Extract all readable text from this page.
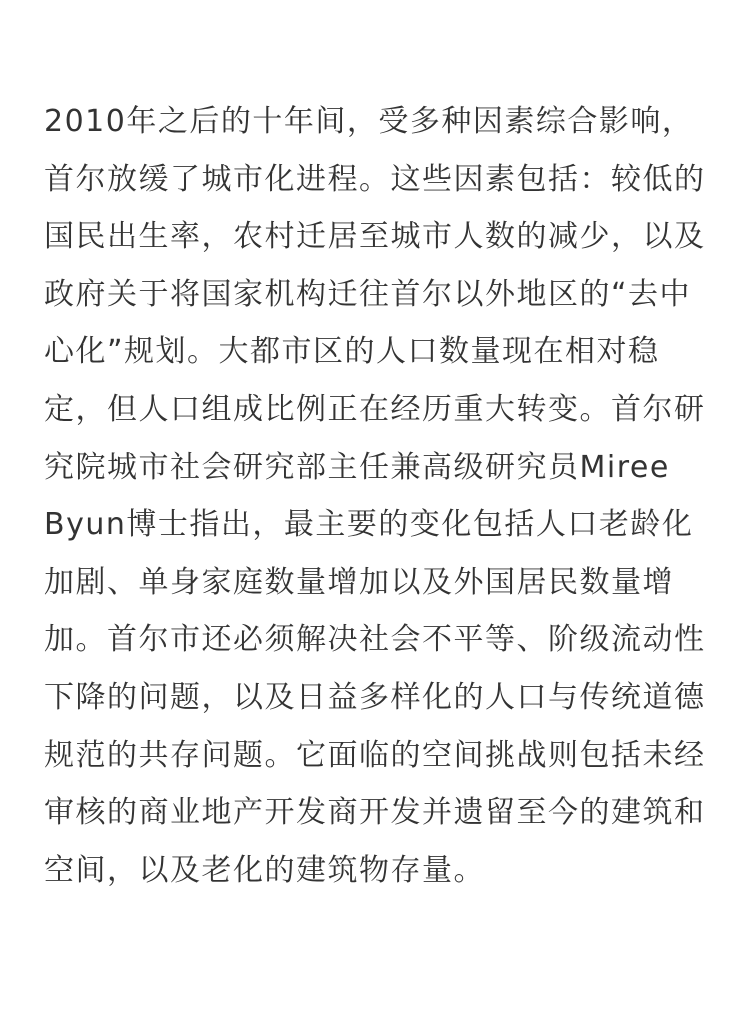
2010年之后的十年间，受多种因素综合影响，
首尔放缓了城市化进程。这些因素包括：较低的
国民出生率，农村迁居至城市人数的减少，以及
政府关于将国家机构迁往首尔以外地区的“去中
心化”规划。大都市区的人口数量现在相对稳
定，但人口组成比例正在经历重大转变。首尔研
究院城市社会研究部主任兼高级研究员Miree
Byun博士指出，最主要的变化包括人口老龄化
加剧、单身家庭数量增加以及外国居民数量增
加。首尔市还必须解决社会不平等、阶级流动性
下降的问题，以及日益多样化的人口与传统道德
规范的共存问题。它面临的空间挑战则包括未经
审核的商业地产开发商开发并遗留至今的建筑和
空间，以及老化的建筑物存量。
